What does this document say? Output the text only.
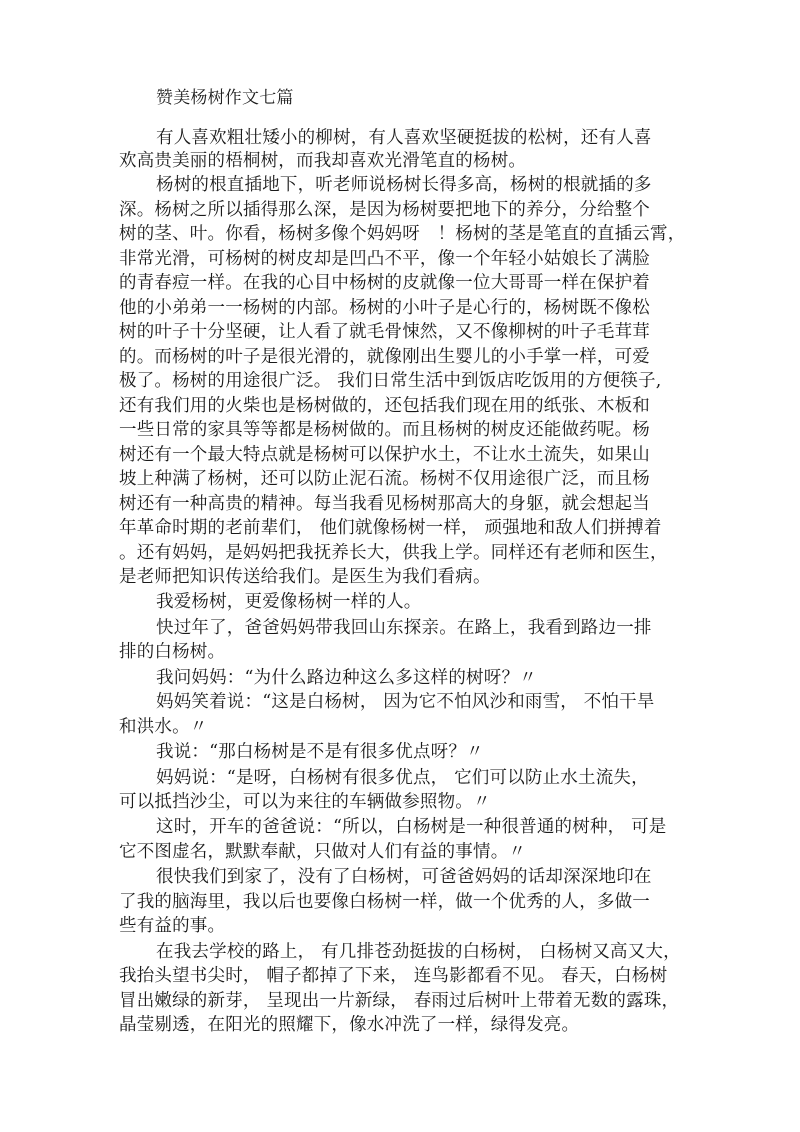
赞美杨树作文七篇
有人喜欢粗壮矮小的柳树，有人喜欢坚硬挺拔的松树，还有人喜
欢高贵美丽的梧桐树，而我却喜欢光滑笔直的杨树。
杨树的根直插地下，听老师说杨树长得多高，杨树的根就插的多
深。杨树之所以插得那么深，是因为杨树要把地下的养分，分给整个
树的茎、叶。你看，杨树多像个妈妈呀　！杨树的茎是笔直的直插云霄，
非常光滑，可杨树的树皮却是凹凸不平，像一个年轻小姑娘长了满脸
的青春痘一样。在我的心目中杨树的皮就像一位大哥哥一样在保护着
他的小弟弟一一杨树的内部。杨树的小叶子是心行的，杨树既不像松
树的叶子十分坚硬，让人看了就毛骨悚然，又不像柳树的叶子毛茸茸
的。而杨树的叶子是很光滑的，就像刚出生婴儿的小手掌一样，可爱
极了。杨树的用途很广泛。 我们日常生活中到饭店吃饭用的方便筷子,
还有我们用的火柴也是杨树做的，还包括我们现在用的纸张、木板和
一些日常的家具等等都是杨树做的。而且杨树的树皮还能做药呢。杨
树还有一个最大特点就是杨树可以保护水土，不让水土流失，如果山
坡上种满了杨树，还可以防止泥石流。杨树不仅用途很广泛，而且杨
树还有一种高贵的精神。每当我看见杨树那高大的身躯，就会想起当
年革命时期的老前辈们， 他们就像杨树一样， 顽强地和敌人们拼搏着
。还有妈妈，是妈妈把我抚养长大，供我上学。同样还有老师和医生，
是老师把知识传送给我们。是医生为我们看病。
我爱杨树，更爱像杨树一样的人。
快过年了，爸爸妈妈带我回山东探亲。在路上，我看到路边一排
排的白杨树。
我问妈妈：“为什么路边种这么多这样的树呀？〃
妈妈笑着说：“这是白杨树， 因为它不怕风沙和雨雪， 不怕干旱
和洪水。〃
我说：“那白杨树是不是有很多优点呀？〃
妈妈说：“是呀，白杨树有很多优点， 它们可以防止水土流失，
可以抵挡沙尘，可以为来往的车辆做参照物。〃
这时，开车的爸爸说：“所以，白杨树是一种很普通的树种， 可是
它不图虚名，默默奉献，只做对人们有益的事情。〃
很快我们到家了，没有了白杨树，可爸爸妈妈的话却深深地印在
了我的脑海里，我以后也要像白杨树一样，做一个优秀的人，多做一
些有益的事。
在我去学校的路上， 有几排苍劲挺拔的白杨树， 白杨树又高又大，
我抬头望书尖时， 帽子都掉了下来， 连鸟影都看不见。 春天，白杨树
冒出嫩绿的新芽， 呈现出一片新绿， 春雨过后树叶上带着无数的露珠，
晶莹剔透，在阳光的照耀下，像水冲洗了一样，绿得发亮。
